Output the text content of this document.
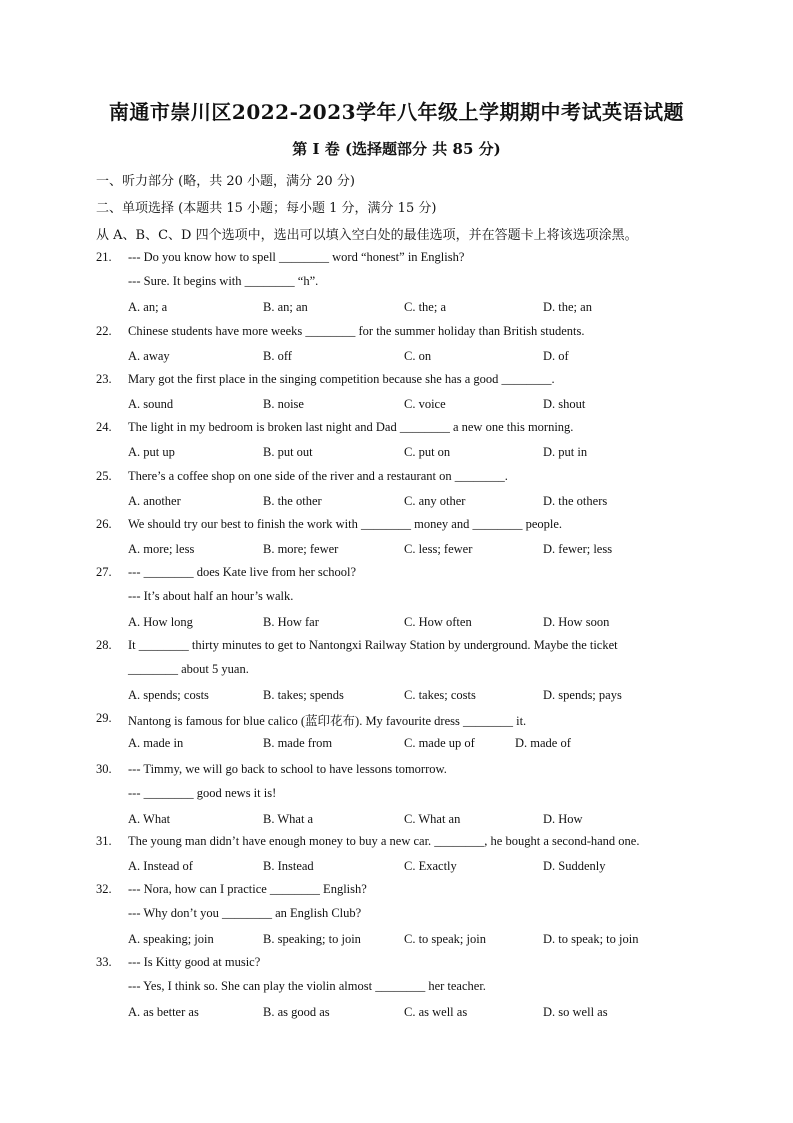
南通市崇川区2022-2023学年八年级上学期期中考试英语试题
第 I 卷 (选择题部分 共 85 分)
一、听力部分 (略，共 20 小题，满分 20 分)
二、单项选择 (本题共 15 小题；每小题 1 分，满分 15 分)
从 A、B、C、D 四个选项中，选出可以填入空白处的最佳选项，并在答题卡上将该选项涂黑。
21. --- Do you know how to spell ________ word “honest” in English?
--- Sure. It begins with ________ “h”.
A. an; a	B. an; an	C. the; a	D. the; an
22. Chinese students have more weeks ________ for the summer holiday than British students.
A. away	B. off	C. on	D. of
23. Mary got the first place in the singing competition because she has a good ________.
A. sound	B. noise	C. voice	D. shout
24. The light in my bedroom is broken last night and Dad ________ a new one this morning.
A. put up	B. put out	C. put on	D. put in
25. There’s a coffee shop on one side of the river and a restaurant on ________.
A. another	B. the other	C. any other	D. the others
26. We should try our best to finish the work with ________ money and ________ people.
A. more; less	B. more; fewer	C. less; fewer	D. fewer; less
27. --- ________ does Kate live from her school?
--- It’s about half an hour’s walk.
A. How long	B. How far	C. How often	D. How soon
28. It ________ thirty minutes to get to Nantongxi Railway Station by underground. Maybe the ticket
________ about 5 yuan.
A. spends; costs	B. takes; spends	C. takes; costs	D. spends; pays
29. Nantong is famous for blue calico (蓝印花布). My favourite dress ________ it.
A. made in	B. made from	C. made up of	D. made of
30. --- Timmy, we will go back to school to have lessons tomorrow.
--- ________ good news it is!
A. What	B. What a	C. What an	D. How
31. The young man didn’t have enough money to buy a new car. ________, he bought a second-hand one.
A. Instead of	B. Instead	C. Exactly	D. Suddenly
32. --- Nora, how can I practice ________ English?
--- Why don’t you ________ an English Club?
A. speaking; join	B. speaking; to join	C. to speak; join	D. to speak; to join
33. --- Is Kitty good at music?
--- Yes, I think so. She can play the violin almost ________ her teacher.
A. as better as	B. as good as	C. as well as	D. so well as
